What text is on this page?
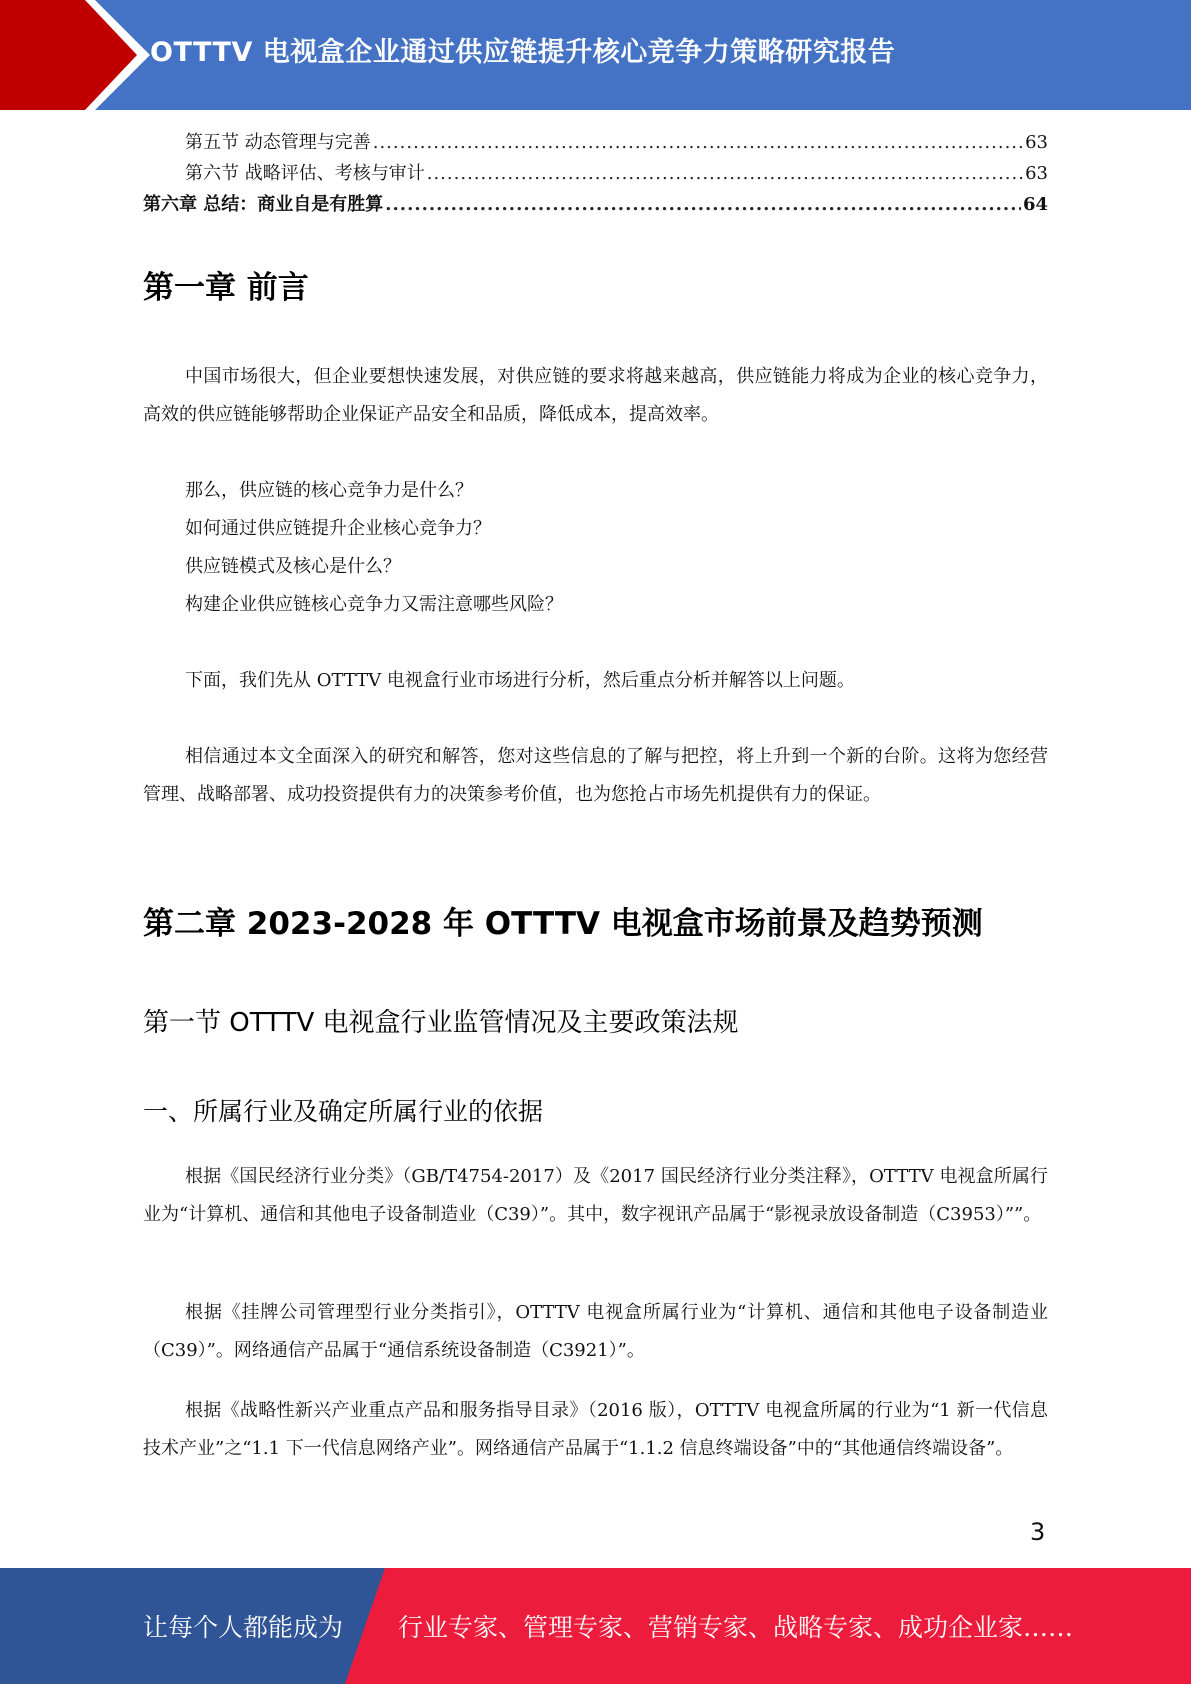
OTTTV 电视盒企业通过供应链提升核心竞争力策略研究报告
第五节 动态管理与完善 .....	63
第六节 战略评估、考核与审计 .....	63
第六章 总结：商业自是有胜算 .....	64
第一章 前言
中国市场很大，但企业要想快速发展，对供应链的要求将越来越高，供应链能力将成为企业的核心竞争力，高效的供应链能够帮助企业保证产品安全和品质，降低成本，提高效率。
那么，供应链的核心竞争力是什么？
如何通过供应链提升企业核心竞争力？
供应链模式及核心是什么？
构建企业供应链核心竞争力又需注意哪些风险？
下面，我们先从 OTTTV 电视盒行业市场进行分析，然后重点分析并解答以上问题。
相信通过本文全面深入的研究和解答，您对这些信息的了解与把控，将上升到一个新的台阶。这将为您经营管理、战略部署、成功投资提供有力的决策参考价值，也为您抢占市场先机提供有力的保证。
第二章 2023-2028 年 OTTTV 电视盒市场前景及趋势预测
第一节 OTTTV 电视盒行业监管情况及主要政策法规
一、所属行业及确定所属行业的依据
根据《国民经济行业分类》（GB/T4754-2017）及《2017 国民经济行业分类注释》，OTTTV 电视盒所属行业为“计算机、通信和其他电子设备制造业（C39）”。其中，数字视讯产品属于“影视录放设备制造（C3953）””。
根据《挂牌公司管理型行业分类指引》，OTTTV 电视盒所属行业为“计算机、通信和其他电子设备制造业（C39）”。网络通信产品属于“通信系统设备制造（C3921）”。
根据《战略性新兴产业重点产品和服务指导目录》（2016 版），OTTTV 电视盒所属的行业为“1 新一代信息技术产业”之“1.1 下一代信息网络产业”。网络通信产品属于“1.1.2 信息终端设备”中的“其他通信终端设备”。
3
让每个人都能成为 行业专家、管理专家、营销专家、战略专家、成功企业家……
